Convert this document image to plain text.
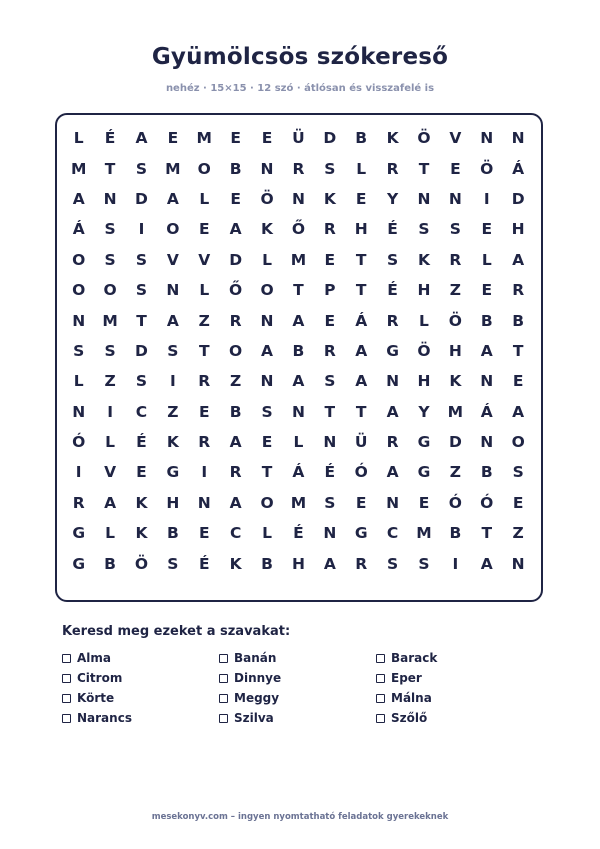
Gyümölcsös szókereső
nehéz · 15×15 · 12 szó · átlósan és visszafelé is
L	É	A	E	M	E	E	Ü	D	B	K	Ö	V	N	N
M	T	S	M	O	B	N	R	S	L	R	T	E	Ö	Á
A	N	D	A	L	E	Ö	N	K	E	Y	N	N	I	D
Á	S	I	O	E	A	K	Ő	R	H	É	S	S	E	H
O	S	S	V	V	D	L	M	E	T	S	K	R	L	A
O	O	S	N	L	Ő	O	T	P	T	É	H	Z	E	R
N	M	T	A	Z	R	N	A	E	Á	R	L	Ö	B	B
S	S	D	S	T	O	A	B	R	A	G	Ö	H	A	T
L	Z	S	I	R	Z	N	A	S	A	N	H	K	N	E
N	I	C	Z	E	B	S	N	T	T	A	Y	M	Á	A
Ó	L	É	K	R	A	E	L	N	Ü	R	G	D	N	O
I	V	E	G	I	R	T	Á	É	Ó	A	G	Z	B	S
R	A	K	H	N	A	O	M	S	E	N	E	Ó	Ó	E
G	L	K	B	E	C	L	É	N	G	C	M	B	T	Z
G	B	Ö	S	É	K	B	H	A	R	S	S	I	A	N
Keresd meg ezeket a szavakat:
Alma	Banán	Barack
Citrom	Dinnye	Eper
Körte	Meggy	Málna
Narancs	Szilva	Szőlő
mesekonyv.com – ingyen nyomtatható feladatok gyerekeknek
